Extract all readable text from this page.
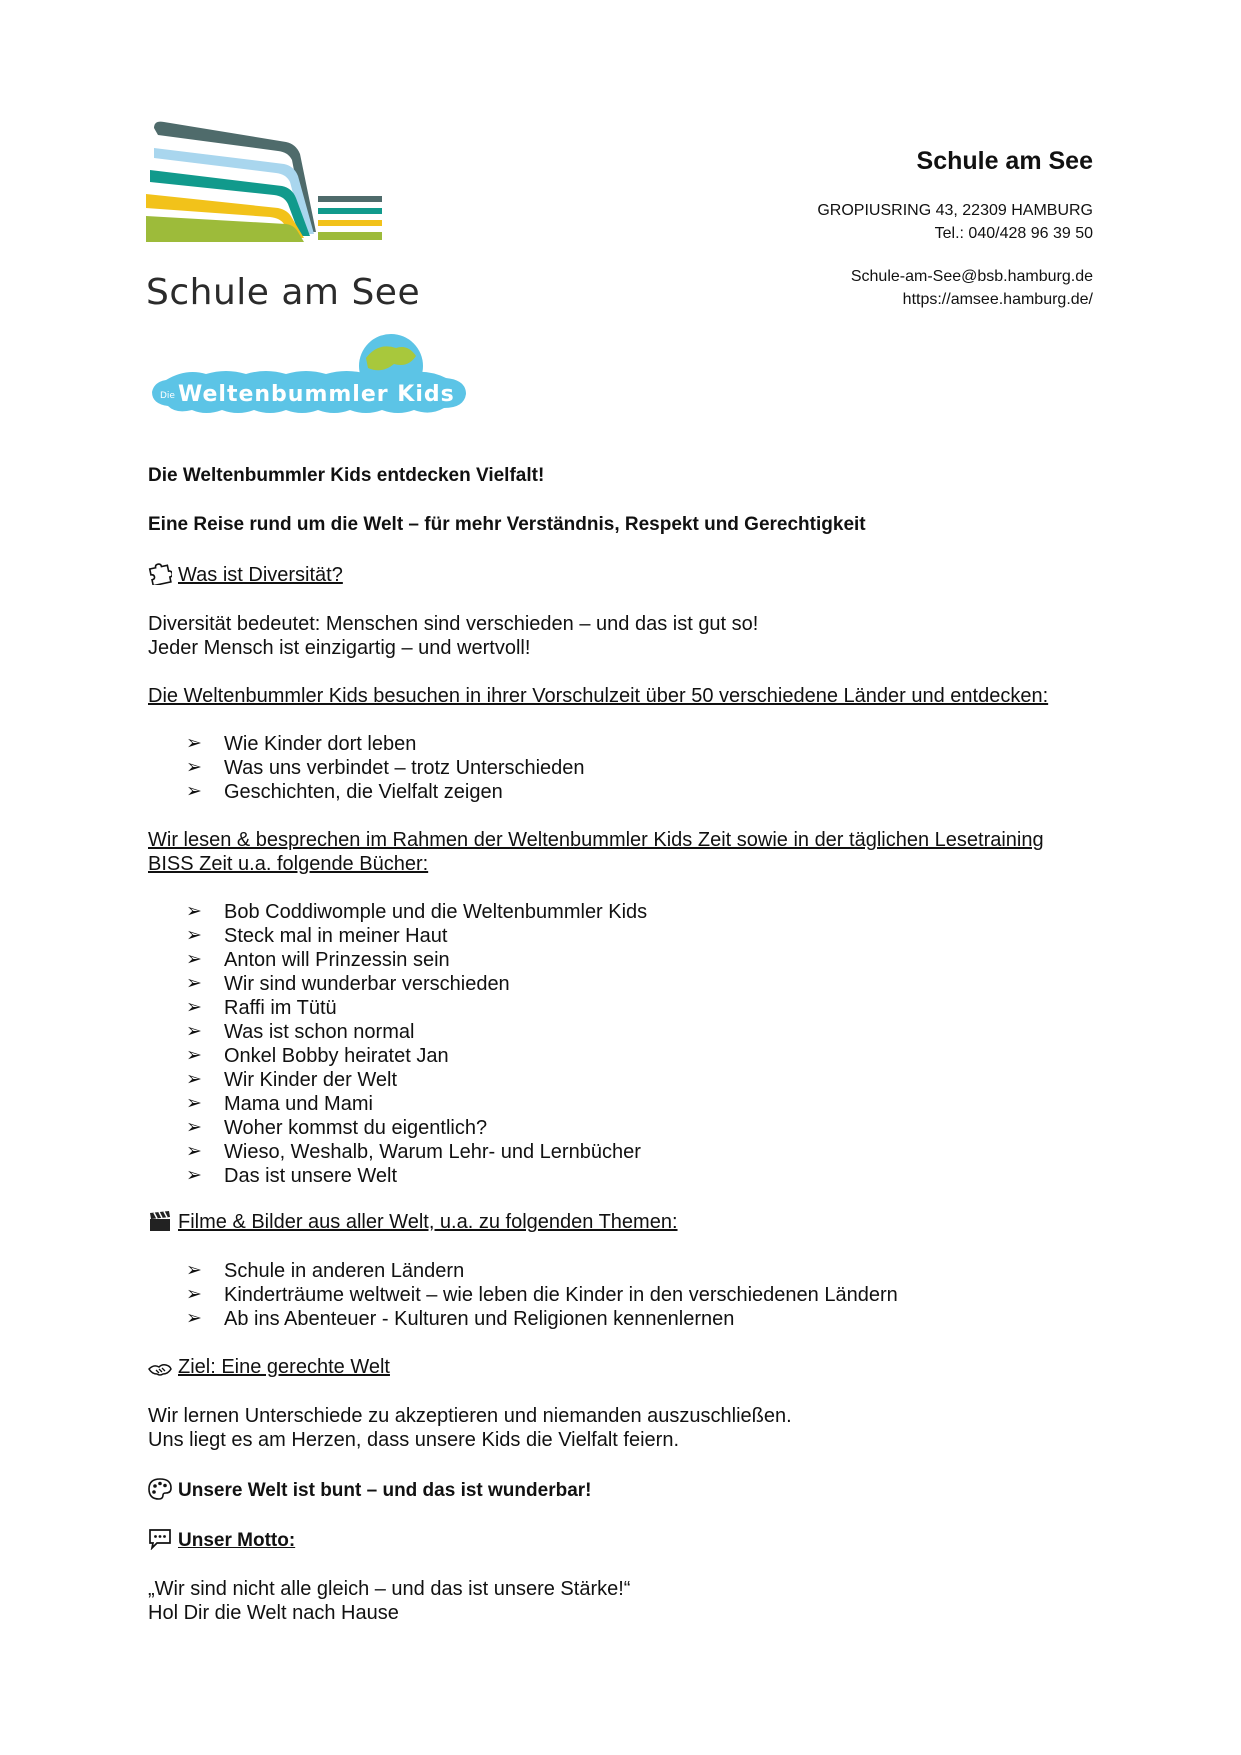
Schule am See
Die Weltenbummler Kids
Schule am See
GROPIUSRING 43, 22309 HAMBURG
Tel.: 040/428 96 39 50
Schule-am-See@bsb.hamburg.de
https://amsee.hamburg.de/
Die Weltenbummler Kids entdecken Vielfalt!
Eine Reise rund um die Welt – für mehr Verständnis, Respekt und Gerechtigkeit
Was ist Diversität?
Diversität bedeutet: Menschen sind verschieden – und das ist gut so!
Jeder Mensch ist einzigartig – und wertvoll!
Die Weltenbummler Kids besuchen in ihrer Vorschulzeit über 50 verschiedene Länder und entdecken:
➢ Wie Kinder dort leben
➢ Was uns verbindet – trotz Unterschieden
➢ Geschichten, die Vielfalt zeigen
Wir lesen & besprechen im Rahmen der Weltenbummler Kids Zeit sowie in der täglichen Lesetraining
BISS Zeit u.a. folgende Bücher:
➢ Bob Coddiwomple und die Weltenbummler Kids
➢ Steck mal in meiner Haut
➢ Anton will Prinzessin sein
➢ Wir sind wunderbar verschieden
➢ Raffi im Tütü
➢ Was ist schon normal
➢ Onkel Bobby heiratet Jan
➢ Wir Kinder der Welt
➢ Mama und Mami
➢ Woher kommst du eigentlich?
➢ Wieso, Weshalb, Warum Lehr- und Lernbücher
➢ Das ist unsere Welt
Filme & Bilder aus aller Welt, u.a. zu folgenden Themen:
➢ Schule in anderen Ländern
➢ Kinderträume weltweit – wie leben die Kinder in den verschiedenen Ländern
➢ Ab ins Abenteuer - Kulturen und Religionen kennenlernen
Ziel: Eine gerechte Welt
Wir lernen Unterschiede zu akzeptieren und niemanden auszuschließen.
Uns liegt es am Herzen, dass unsere Kids die Vielfalt feiern.
Unsere Welt ist bunt – und das ist wunderbar!
Unser Motto:
„Wir sind nicht alle gleich – und das ist unsere Stärke!“
Hol Dir die Welt nach Hause
